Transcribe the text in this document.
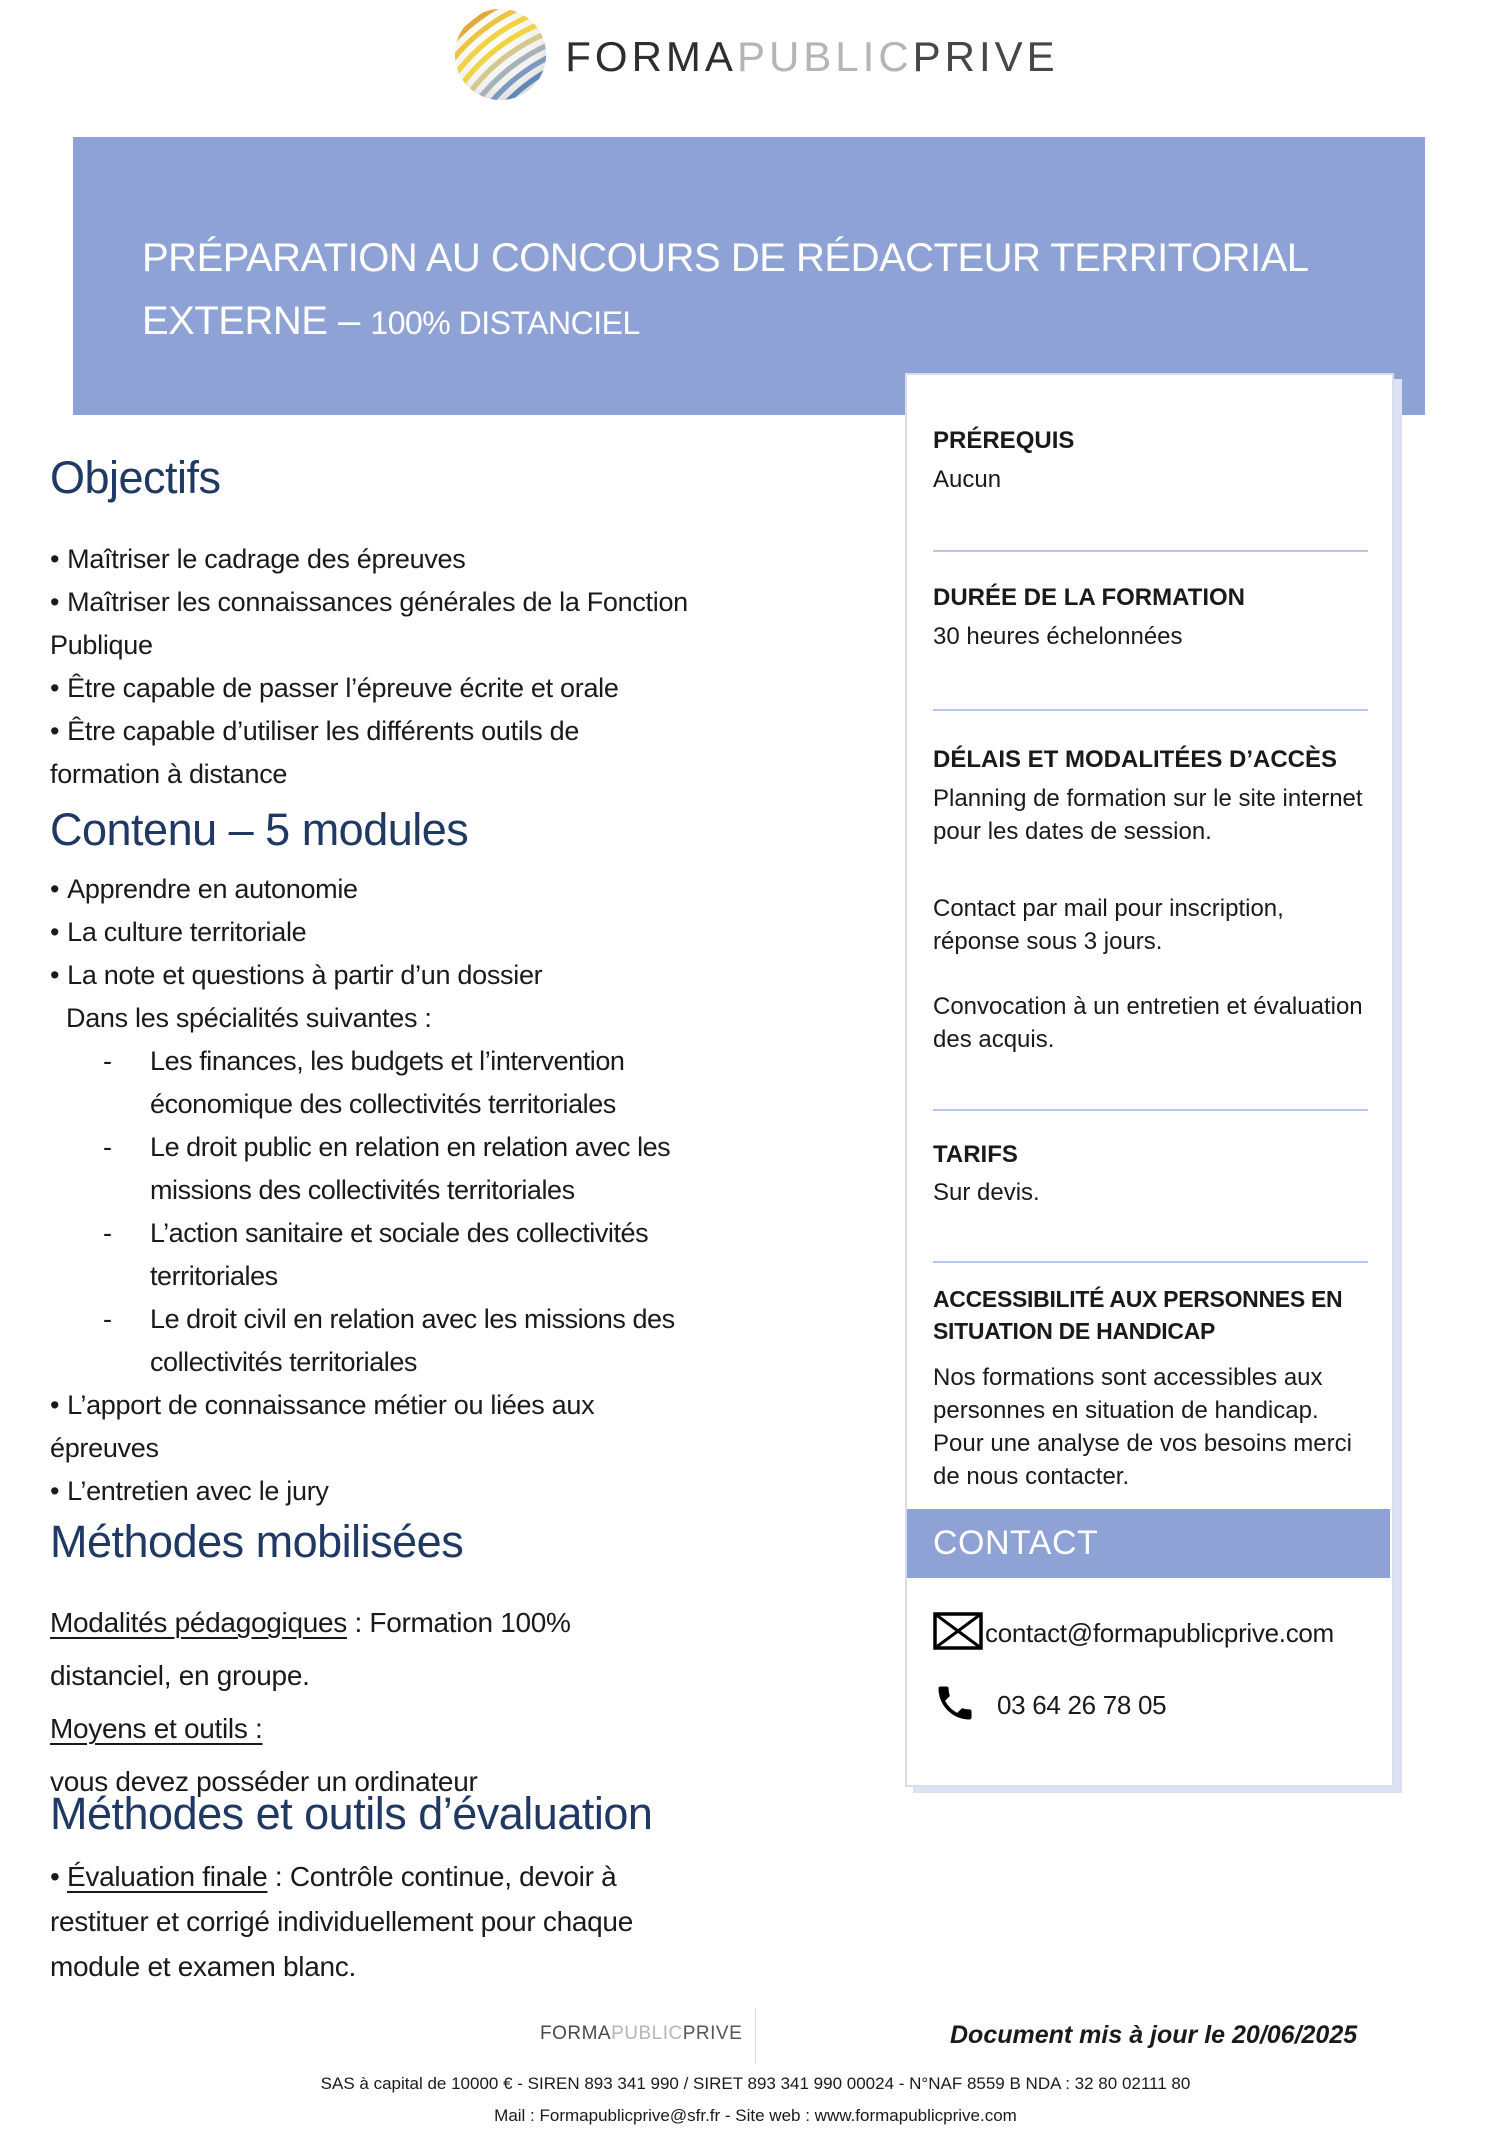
FORMAPUBLICPRIVE
PRÉPARATION AU CONCOURS DE RÉDACTEUR TERRITORIAL
EXTERNE – 100% DISTANCIEL
Objectifs
• Maîtriser le cadrage des épreuves
• Maîtriser les connaissances générales de la Fonction Publique
• Être capable de passer l’épreuve écrite et orale
• Être capable d’utiliser les différents outils de formation à distance
Contenu – 5 modules
• Apprendre en autonomie
• La culture territoriale
• La note et questions à partir d’un dossier
Dans les spécialités suivantes :
-	Les finances, les budgets et l’intervention économique des collectivités territoriales
-	Le droit public en relation en relation avec les missions des collectivités territoriales
-	L’action sanitaire et sociale des collectivités territoriales
-	Le droit civil en relation avec les missions des collectivités territoriales
• L’apport de connaissance métier ou liées aux épreuves
• L’entretien avec le jury
Méthodes mobilisées

Modalités pédagogiques : Formation 100% distanciel, en groupe.

Moyens et outils :

vous devez posséder un ordinateur

Méthodes et outils d’évaluation
• Évaluation finale : Contrôle continue, devoir à restituer et corrigé individuellement pour chaque module et examen blanc.

PRÉREQUIS

Aucun

DURÉE DE LA FORMATION

30 heures échelonnées

DÉLAIS ET MODALITÉES D’ACCÈS

Planning de formation sur le site internet pour les dates de session.

Contact par mail pour inscription, réponse sous 3 jours.

Convocation à un entretien et évaluation des acquis.

TARIFS

Sur devis.

ACCESSIBILITÉ AUX PERSONNES EN SITUATION DE HANDICAP

Nos formations sont accessibles aux personnes en situation de handicap. Pour une analyse de vos besoins merci de nous contacter.

CONTACT
contact@formapublicprive.com
03 64 26 78 05
FORMAPUBLICPRIVE	Document mis à jour le 20/06/2025
SAS à capital de 10000 € - SIREN 893 341 990 / SIRET 893 341 990 00024 - N°NAF 8559 B NDA : 32 80 02111 80
Mail : Formapublicprive@sfr.fr - Site web : www.formapublicprive.com
